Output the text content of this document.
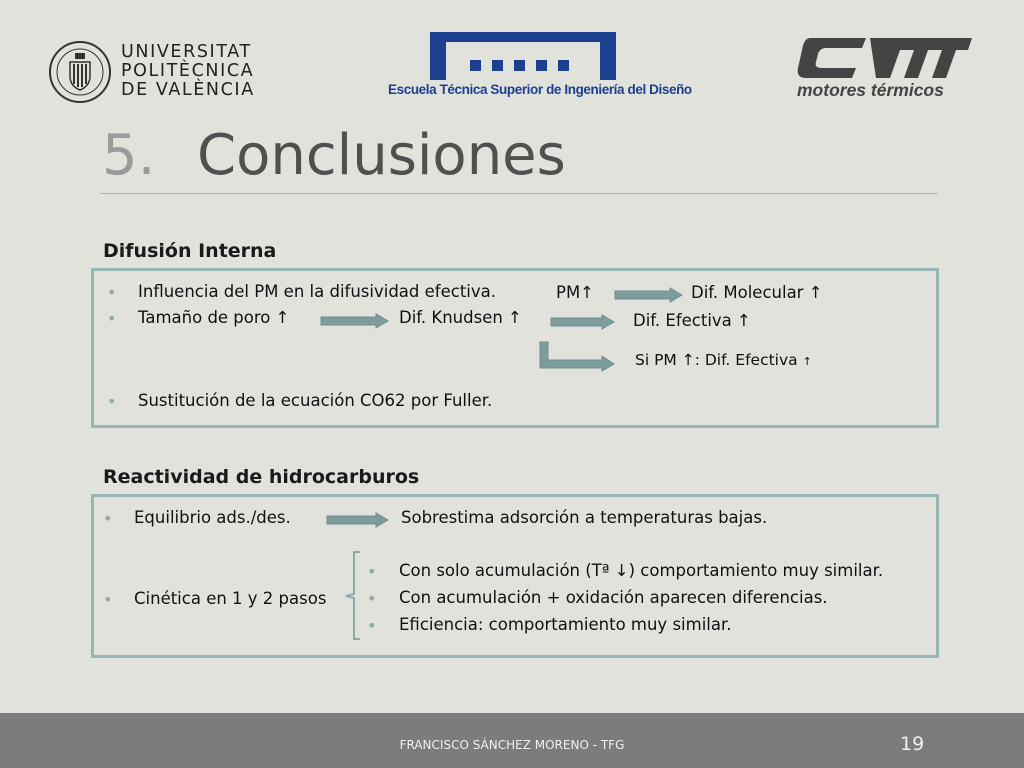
UNIVERSITAT
POLITÈCNICA
DE VALÈNCIA	Escuela Técnica Superior de Ingeniería del Diseño	motores térmicos
5. Conclusiones
Difusión Interna
• Influencia del PM en la difusividad efectiva.
• Tamaño de poro ↑	Dif. Knudsen ↑
PM↑	Dif. Molecular ↑
Dif. Efectiva ↑
Si PM ↑: Dif. Efectiva ↑
• Sustitución de la ecuación CO62 por Fuller.
Reactividad de hidrocarburos
• Equilibrio ads./des.	Sobrestima adsorción a temperaturas bajas.
• Cinética en 1 y 2 pasos
• Con solo acumulación (Tª ↓) comportamiento muy similar.
• Con acumulación + oxidación aparecen diferencias.
• Eficiencia: comportamiento muy similar.
FRANCISCO SÁNCHEZ MORENO - TFG	19
